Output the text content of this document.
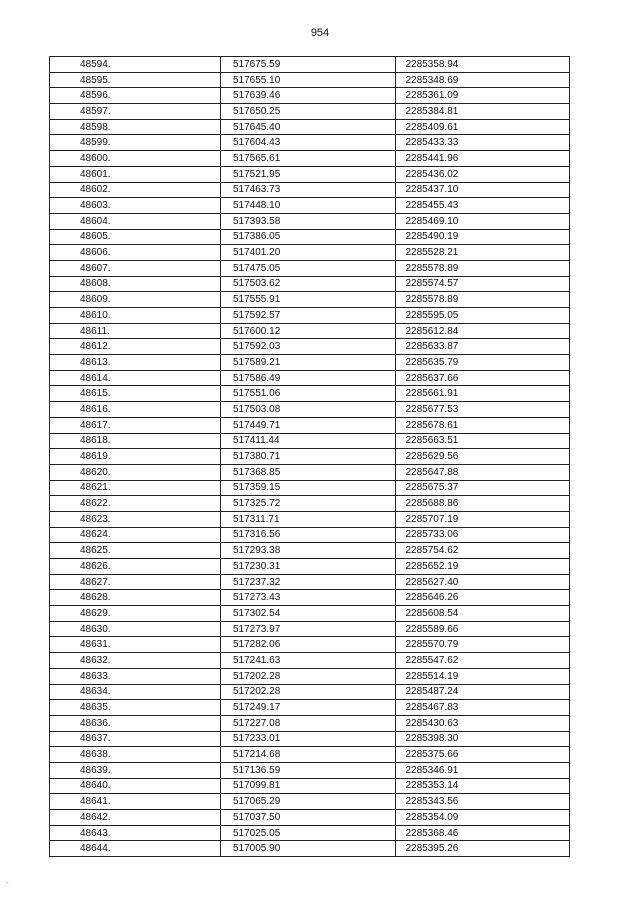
954
48594.	517675.59	2285358.94
48595.	517655.10	2285348.69
48596.	517639.46	2285361.09
48597.	517650.25	2285384.81
48598.	517645.40	2285409.61
48599.	517604.43	2285433.33
48600.	517565.61	2285441.96
48601.	517521.95	2285436.02
48602.	517463.73	2285437.10
48603.	517448.10	2285455.43
48604.	517393.58	2285469.10
48605.	517386.05	2285490.19
48606.	517401.20	2285528.21
48607.	517475.05	2285578.89
48608.	517503.62	2285574.57
48609.	517555.91	2285578.89
48610.	517592.57	2285595.05
48611.	517600.12	2285612.84
48612.	517592.03	2285633.87
48613.	517589.21	2285635.79
48614.	517586.49	2285637.66
48615.	517551.06	2285661.91
48616.	517503.08	2285677.53
48617.	517449.71	2285678.61
48618.	517411.44	2285663.51
48619.	517380.71	2285629.56
48620.	517368.85	2285647.88
48621.	517359.15	2285675.37
48622.	517325.72	2285688.86
48623.	517311.71	2285707.19
48624.	517316.56	2285733.06
48625.	517293.38	2285754.62
48626.	517230.31	2285652.19
48627.	517237.32	2285627.40
48628.	517273.43	2285646.26
48629.	517302.54	2285608.54
48630.	517273.97	2285589.66
48631.	517282.06	2285570.79
48632.	517241.63	2285547.62
48633.	517202.28	2285514.19
48634.	517202.28	2285487.24
48635.	517249.17	2285467.83
48636.	517227.08	2285430.63
48637.	517233.01	2285398.30
48638.	517214.68	2285375.66
48639.	517136.59	2285346.91
48640.	517099.81	2285353.14
48641.	517065.29	2285343.56
48642.	517037.50	2285354.09
48643.	517025.05	2285368.46
48644.	517005.90	2285395.26
-
